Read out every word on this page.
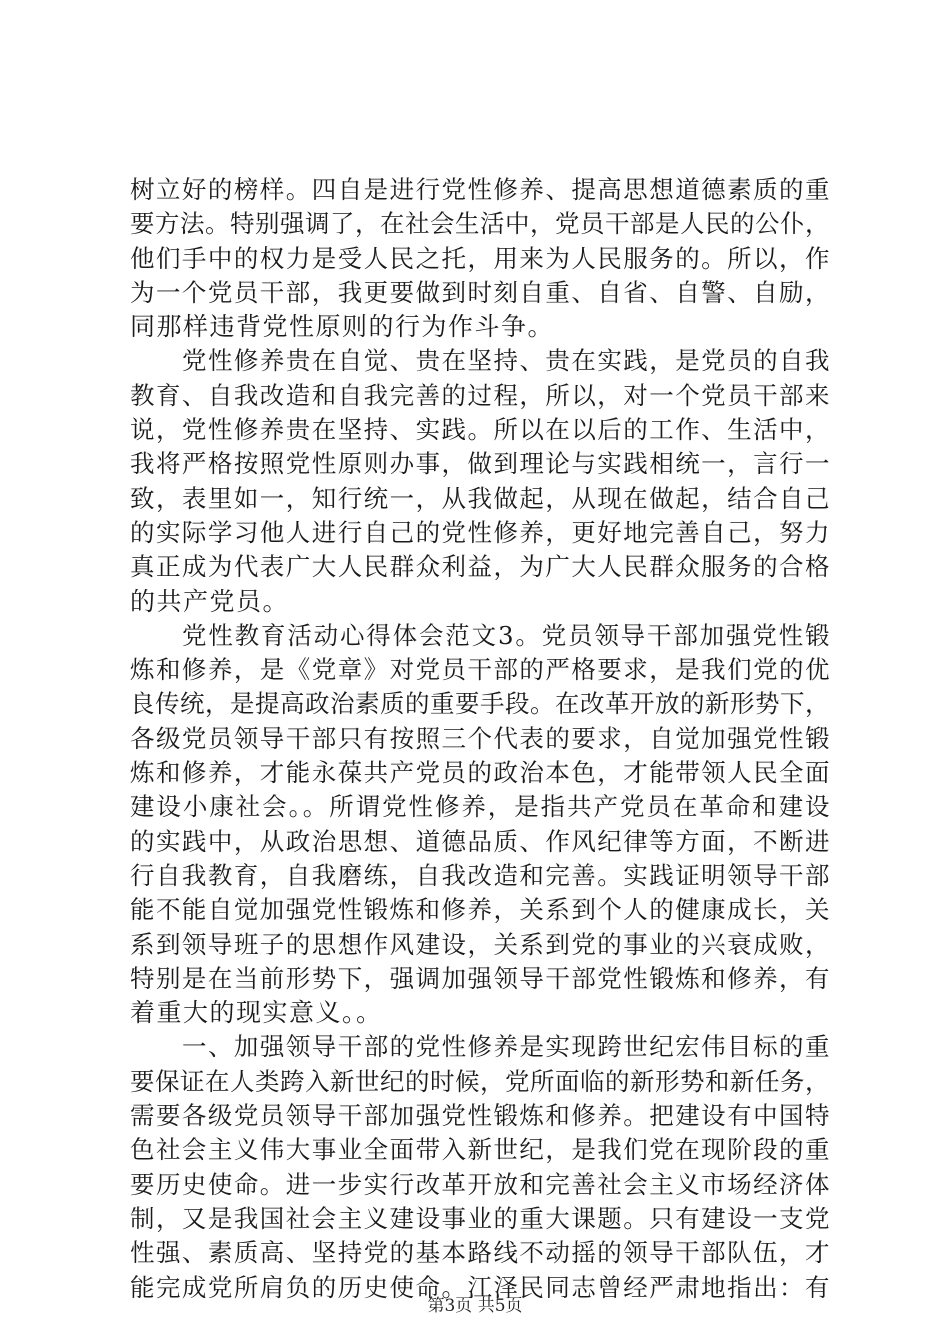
树立好的榜样。四自是进行党性修养、提高思想道德素质的重
要方法。特别强调了，在社会生活中，党员干部是人民的公仆，
他们手中的权力是受人民之托，用来为人民服务的。所以，作
为一个党员干部，我更要做到时刻自重、自省、自警、自励，
同那样违背党性原则的行为作斗争。
党性修养贵在自觉、贵在坚持、贵在实践，是党员的自我
教育、自我改造和自我完善的过程，所以，对一个党员干部来
说，党性修养贵在坚持、实践。所以在以后的工作、生活中，
我将严格按照党性原则办事，做到理论与实践相统一，言行一
致，表里如一，知行统一，从我做起，从现在做起，结合自己
的实际学习他人进行自己的党性修养，更好地完善自己，努力
真正成为代表广大人民群众利益，为广大人民群众服务的合格
的共产党员。
党性教育活动心得体会范文3。党员领导干部加强党性锻
炼和修养，是《党章》对党员干部的严格要求，是我们党的优
良传统，是提高政治素质的重要手段。在改革开放的新形势下，
各级党员领导干部只有按照三个代表的要求，自觉加强党性锻
炼和修养，才能永葆共产党员的政治本色，才能带领人民全面
建设小康社会。。所谓党性修养，是指共产党员在革命和建设
的实践中，从政治思想、道德品质、作风纪律等方面，不断进
行自我教育，自我磨练，自我改造和完善。实践证明领导干部
能不能自觉加强党性锻炼和修养，关系到个人的健康成长，关
系到领导班子的思想作风建设，关系到党的事业的兴衰成败，
特别是在当前形势下，强调加强领导干部党性锻炼和修养，有
着重大的现实意义。。
一、加强领导干部的党性修养是实现跨世纪宏伟目标的重
要保证在人类跨入新世纪的时候，党所面临的新形势和新任务，
需要各级党员领导干部加强党性锻炼和修养。把建设有中国特
色社会主义伟大事业全面带入新世纪，是我们党在现阶段的重
要历史使命。进一步实行改革开放和完善社会主义市场经济体
制，又是我国社会主义建设事业的重大课题。只有建设一支党
性强、素质高、坚持党的基本路线不动摇的领导干部队伍，才
能完成党所肩负的历史使命。江泽民同志曾经严肃地指出：有
第3页 共5页
